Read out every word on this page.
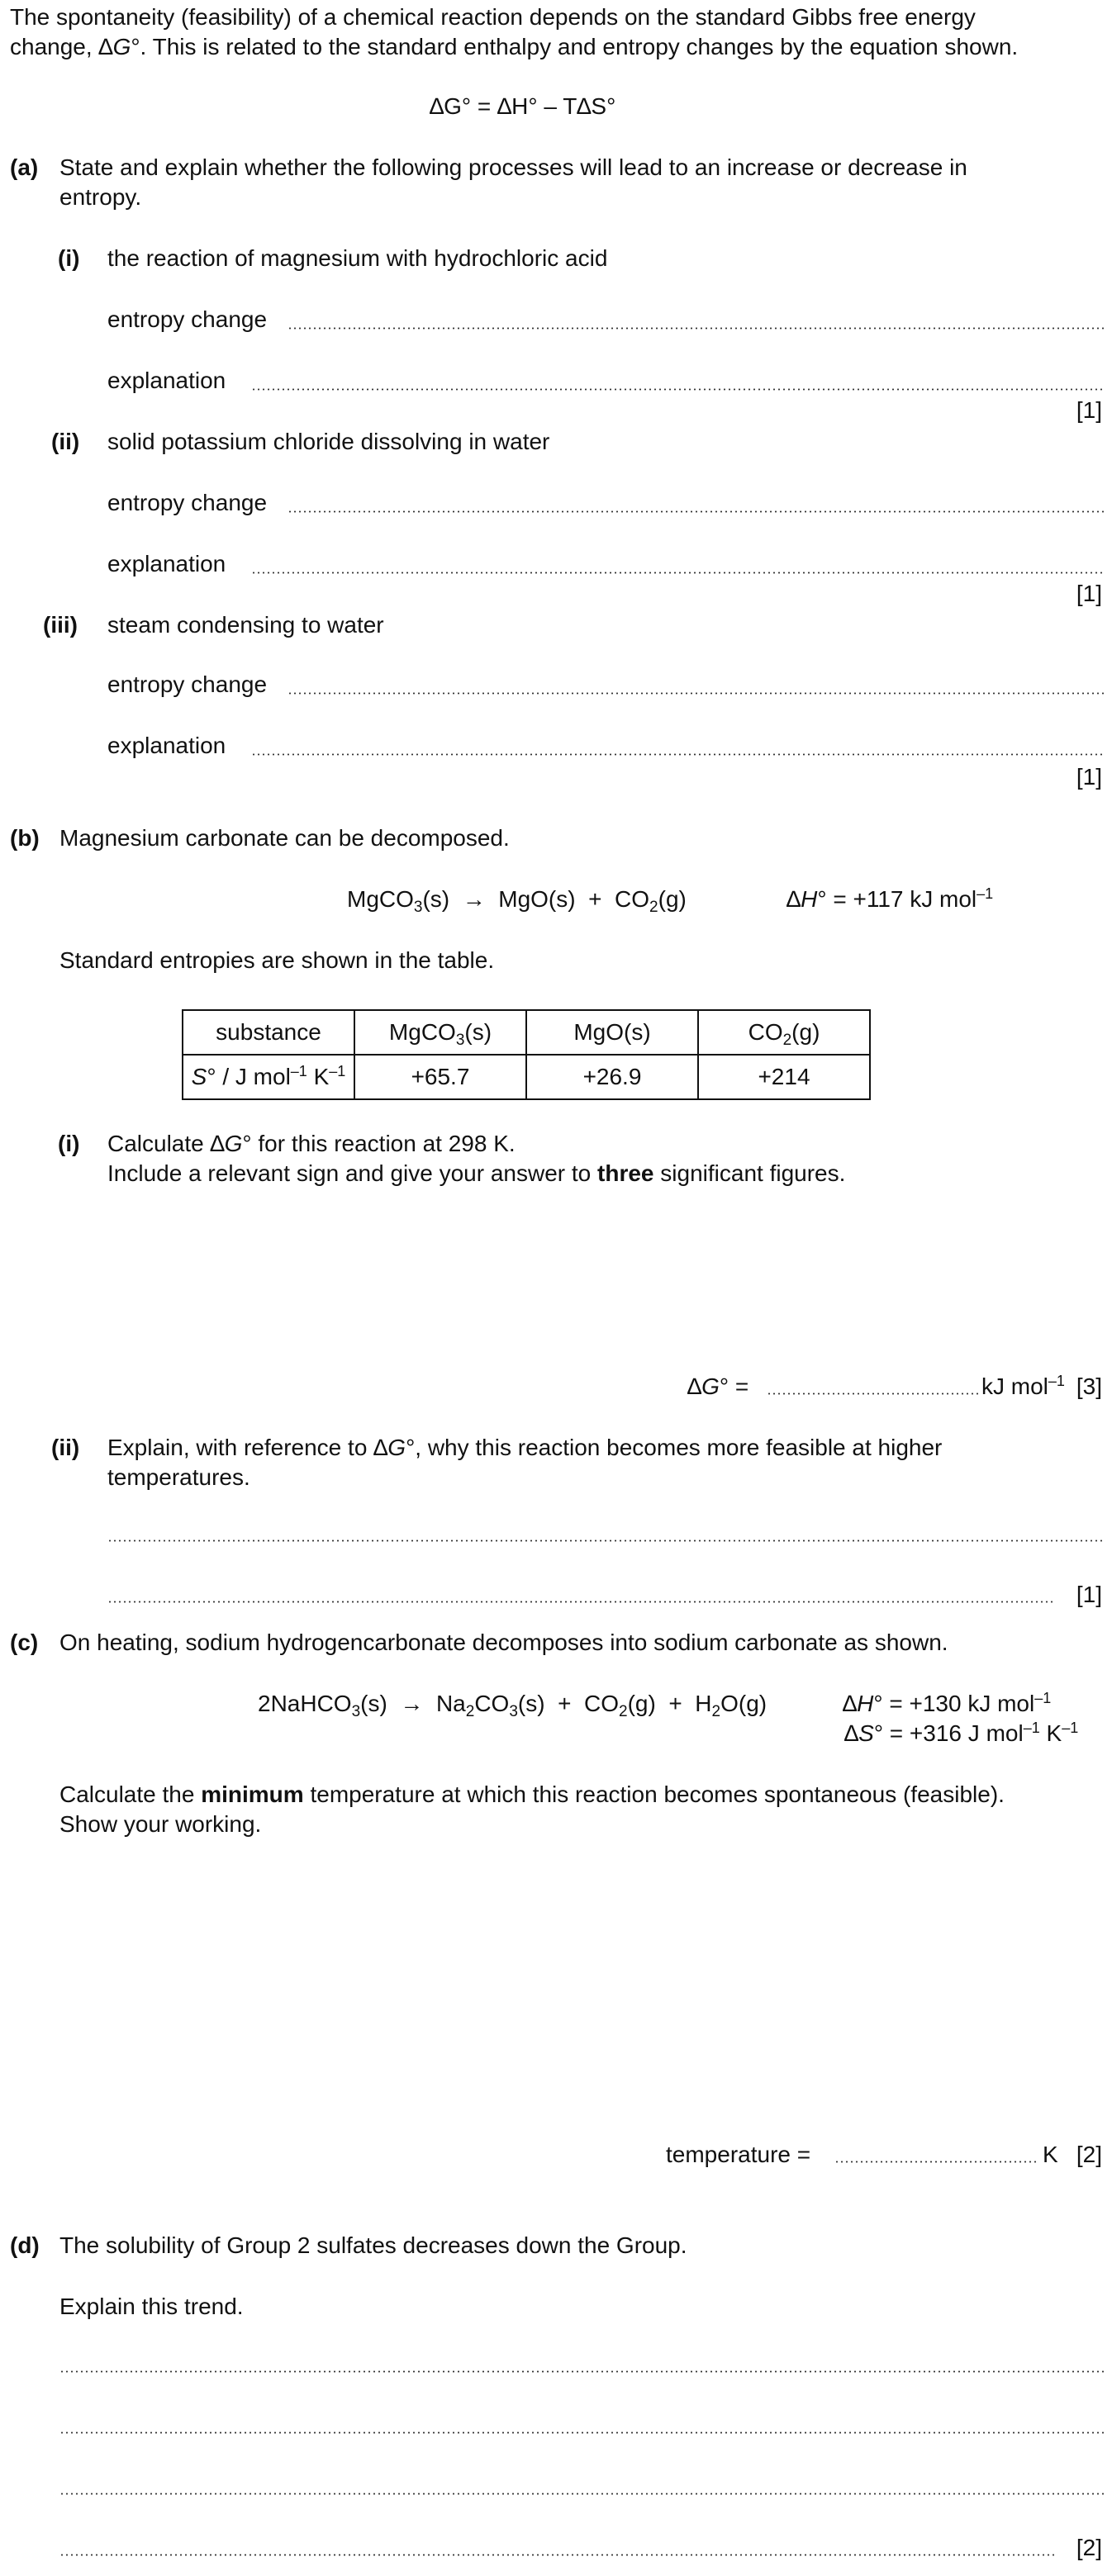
The spontaneity (feasibility) of a chemical reaction depends on the standard Gibbs free energy
change, ∆G°. This is related to the standard enthalpy and entropy changes by the equation shown.
∆G° = ∆H° – T∆S°
(a) State and explain whether the following processes will lead to an increase or decrease in
entropy.
(i) the reaction of magnesium with hydrochloric acid
entropy change
explanation
[1]
(ii) solid potassium chloride dissolving in water
entropy change
explanation
[1]
(iii) steam condensing to water
entropy change
explanation
[1]
(b) Magnesium carbonate can be decomposed.
MgCO$_3$(s)  →  $MgO(s) + CO_2(g)$	∆H° = +117 kJ mol$^{-1}$
Standard entropies are shown in the table.
substance	MgCO$_3$(s)	MgO(s)	$CO_2(g)$
S° / J mol$^{-1}$ $K^{-1}$	+65.7	+26.9	+214
(i) Calculate ∆G° for this reaction at 298 K.
Include a relevant sign and give your answer to three significant figures.
∆G° =	kJ mol$^{-1}$ [3]
(ii) Explain, with reference to ∆G°, why this reaction becomes more feasible at higher
temperatures.
[1]
(c) On heating, sodium hydrogencarbonate decomposes into sodium carbonate as shown.
2NaHCO$_3$(s)  →  $Na_2CO_3(s) + CO_2(g) + H_2O(g)$	∆H° = +130 kJ mol$^{-1}$
∆S° = +316 J mol$^{-1}$ $K^{-1}$
Calculate the minimum temperature at which this reaction becomes spontaneous (feasible).
Show your working.
temperature =	K [2]
(d) The solubility of Group 2 sulfates decreases down the Group.
Explain this trend.
[2]
